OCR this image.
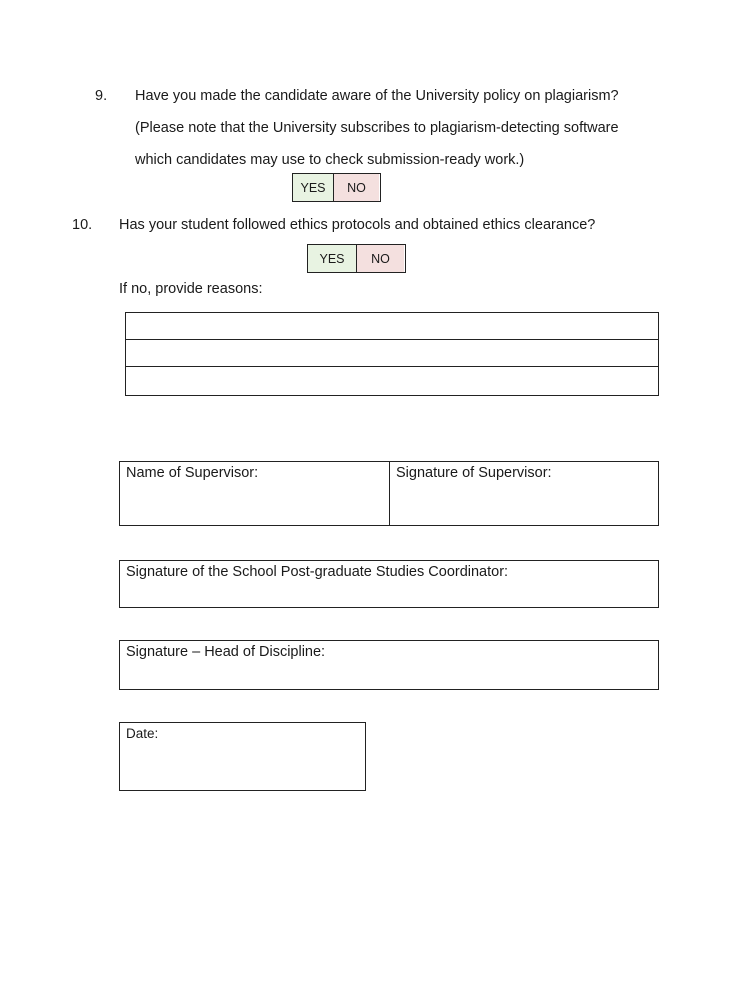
9. Have you made the candidate aware of the University policy on plagiarism?
(Please note that the University subscribes to plagiarism-detecting software
which candidates may use to check submission-ready work.)
YES	NO
10. Has your student followed ethics protocols and obtained ethics clearance?
YES	NO
If no, provide reasons:
Name of Supervisor:	Signature of Supervisor:
Signature of the School Post-graduate Studies Coordinator:
Signature – Head of Discipline:
Date:
